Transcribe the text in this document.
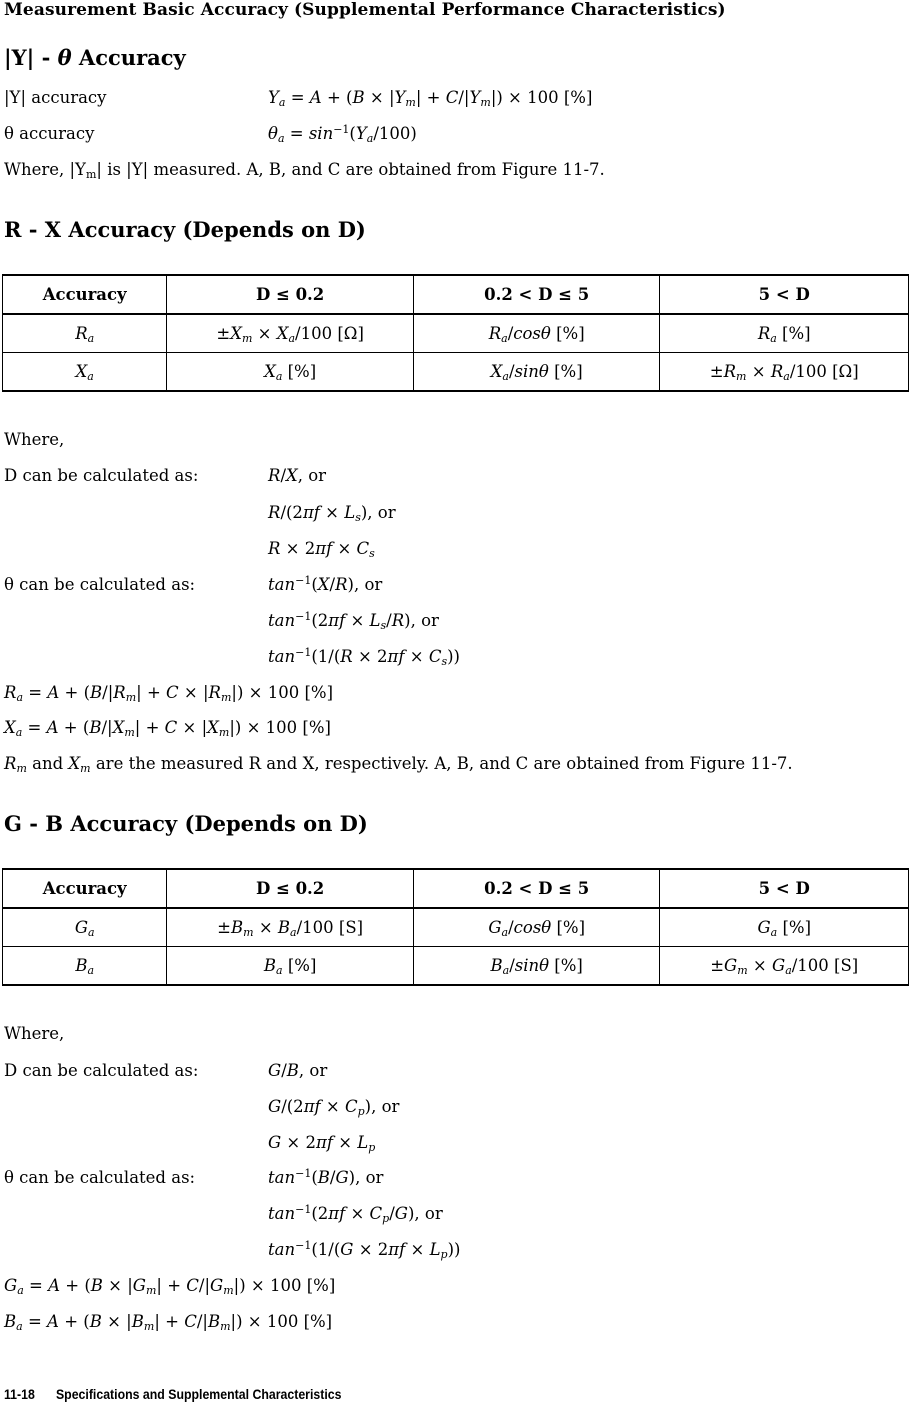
Measurement Basic Accuracy (Supplemental Performance Characteristics)
|Y| - θ Accuracy
|Y| accuracy	$Y_a = A + (B \times |Y_m| + C/|Y_m|) \times 100$ [%]
θ accuracy	$\theta_a = \sin^{-1}(Y_a/100)$
Where, $|Y_m|$ is |Y| measured. A, B, and C are obtained from Figure 11-7.
R - X Accuracy (Depends on D)
Accuracy	D ≤ 0.2	0.2 < D ≤ 5	5 < D
$R_a$	$\pm X_m \times X_a/100$ [Ω]	$R_a$/cosθ [%]	$R_a$ [%]
$X_a$	$X_a$ [%]	$X_a$/sinθ [%]	$\pm R_m \times R_a/100$ [Ω]
Where,
D can be calculated as:	R/X, or
$R/(2\pi f \times L_s)$, or
$R \times 2\pi f \times C_s$
θ can be calculated as:	$\tan^{-1}(X/R)$, or
$\tan^{-1}(2\pi f \times L_s/R)$, or
$\tan^{-1}(1/(R \times 2\pi f \times C_s))$
$R_a = A + (B/|R_m| + C \times |R_m|) \times 100$ [%]
$X_a = A + (B/|X_m| + C \times |X_m|) \times 100$ [%]
$R_m$ and $X_m$ are the measured R and X, respectively. A, B, and C are obtained from Figure 11-7.
G - B Accuracy (Depends on D)
Accuracy	D ≤ 0.2	0.2 < D ≤ 5	5 < D
$G_a$	$\pm B_m \times B_a/100$ [S]	$G_a$/cosθ [%]	$G_a$ [%]
$B_a$	$B_a$ [%]	$B_a$/sinθ [%]	$\pm G_m \times G_a/100$ [S]
Where,
D can be calculated as:	G/B, or
$G/(2\pi f \times C_p)$, or
$G \times 2\pi f \times L_p$
θ can be calculated as:	$\tan^{-1}(B/G)$, or
$\tan^{-1}(2\pi f \times C_p/G)$, or
$\tan^{-1}(1/(G \times 2\pi f \times L_p))$
$G_a = A + (B \times |G_m| + C/|G_m|) \times 100$ [%]
$B_a = A + (B \times |B_m| + C/|B_m|) \times 100$ [%]
11-18 Specifications and Supplemental Characteristics
